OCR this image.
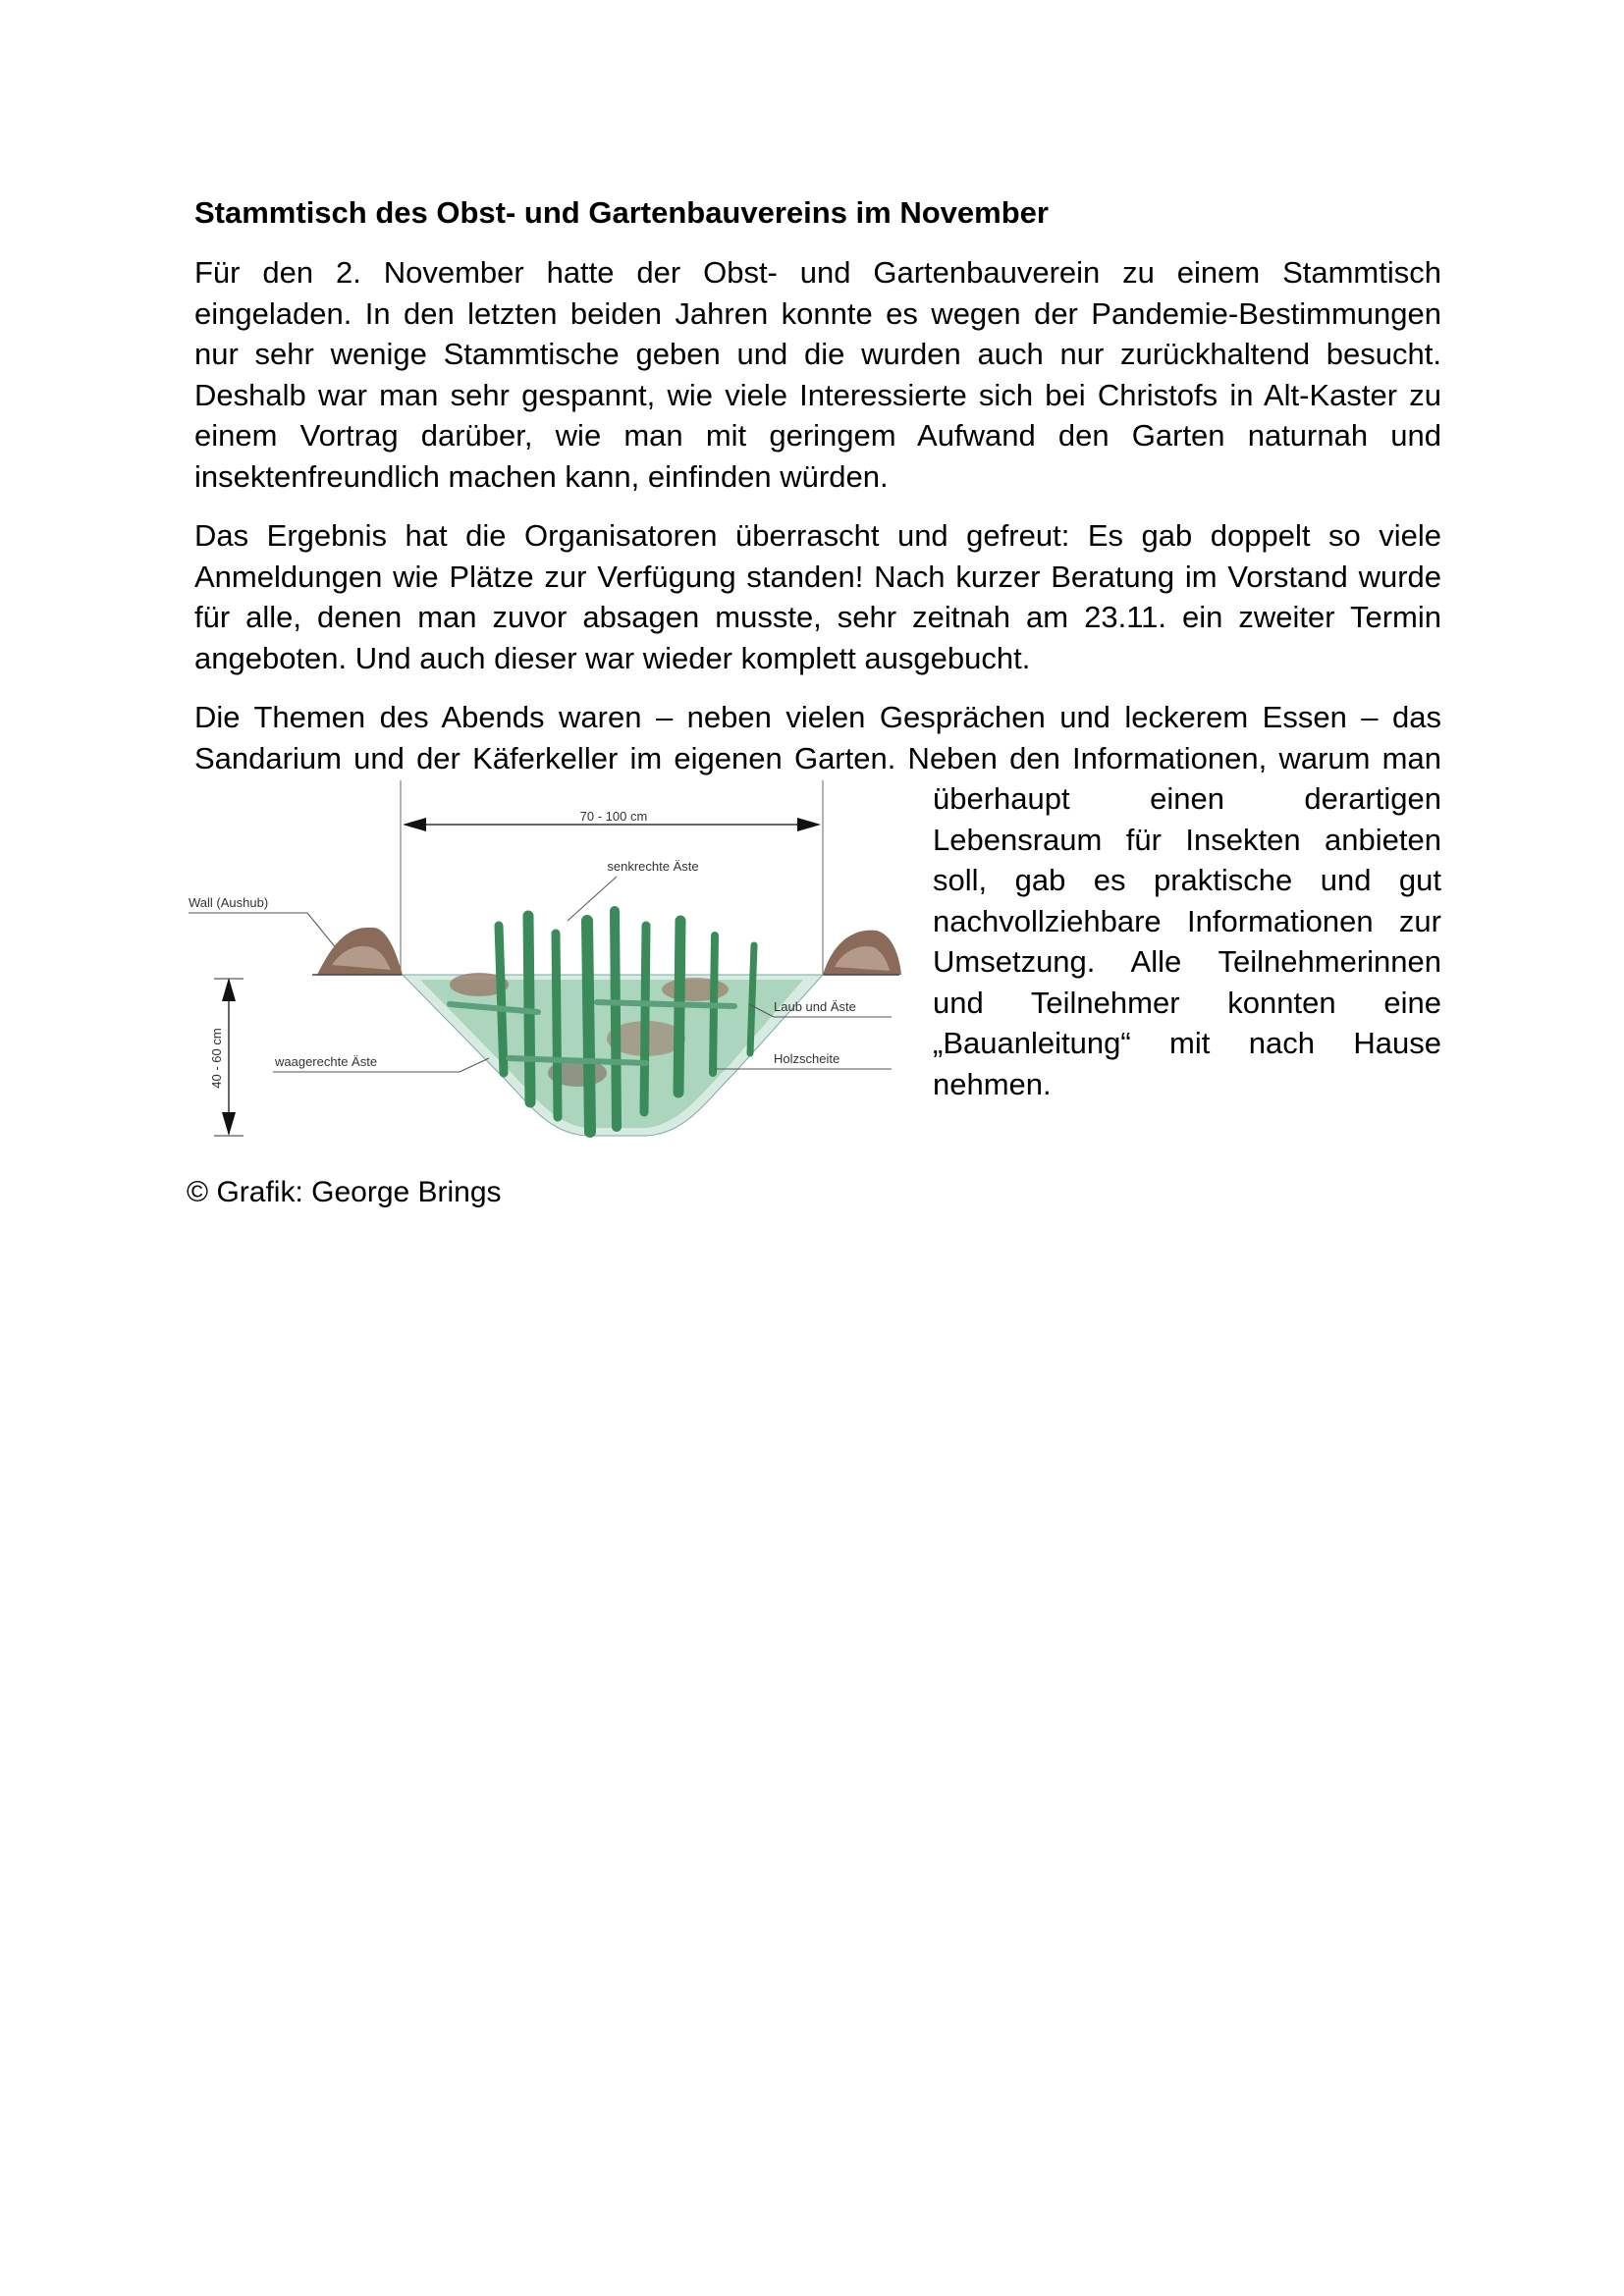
Stammtisch des Obst- und Gartenbauvereins im November

Für den 2. November hatte der Obst- und Gartenbauverein zu einem Stammtisch eingeladen. In den letzten beiden Jahren konnte es wegen der Pandemie-Bestimmungen nur sehr wenige Stammtische geben und die wurden auch nur zurückhaltend besucht. Deshalb war man sehr gespannt, wie viele Interessierte sich bei Christofs in Alt-Kaster zu einem Vortrag darüber, wie man mit geringem Aufwand den Garten naturnah und insektenfreundlich machen kann, einfinden würden.

Das Ergebnis hat die Organisatoren überrascht und gefreut: Es gab doppelt so viele Anmeldungen wie Plätze zur Verfügung standen! Nach kurzer Beratung im Vorstand wurde für alle, denen man zuvor absagen musste, sehr zeitnah am 23.11. ein zweiter Termin angeboten. Und auch dieser war wieder komplett ausgebucht.

Die Themen des Abends waren – neben vielen Gesprächen und leckerem Essen – das Sandarium und der Käferkeller im eigenen Garten. Neben den Informationen,
70 - 100 cm
Wall (Aushub)
senkrechte Äste
Laub und Äste
Holzscheite
waagerechte Äste
40 - 60 cm
warum man überhaupt einen derartigen Lebensraum für Insekten anbieten soll, gab es praktische und gut nachvollziehbare Informationen zur Umsetzung. Alle Teilnehmerinnen und Teilnehmer konnten eine „Bauanleitung“ mit nach Hause nehmen.

© Grafik: George Brings
